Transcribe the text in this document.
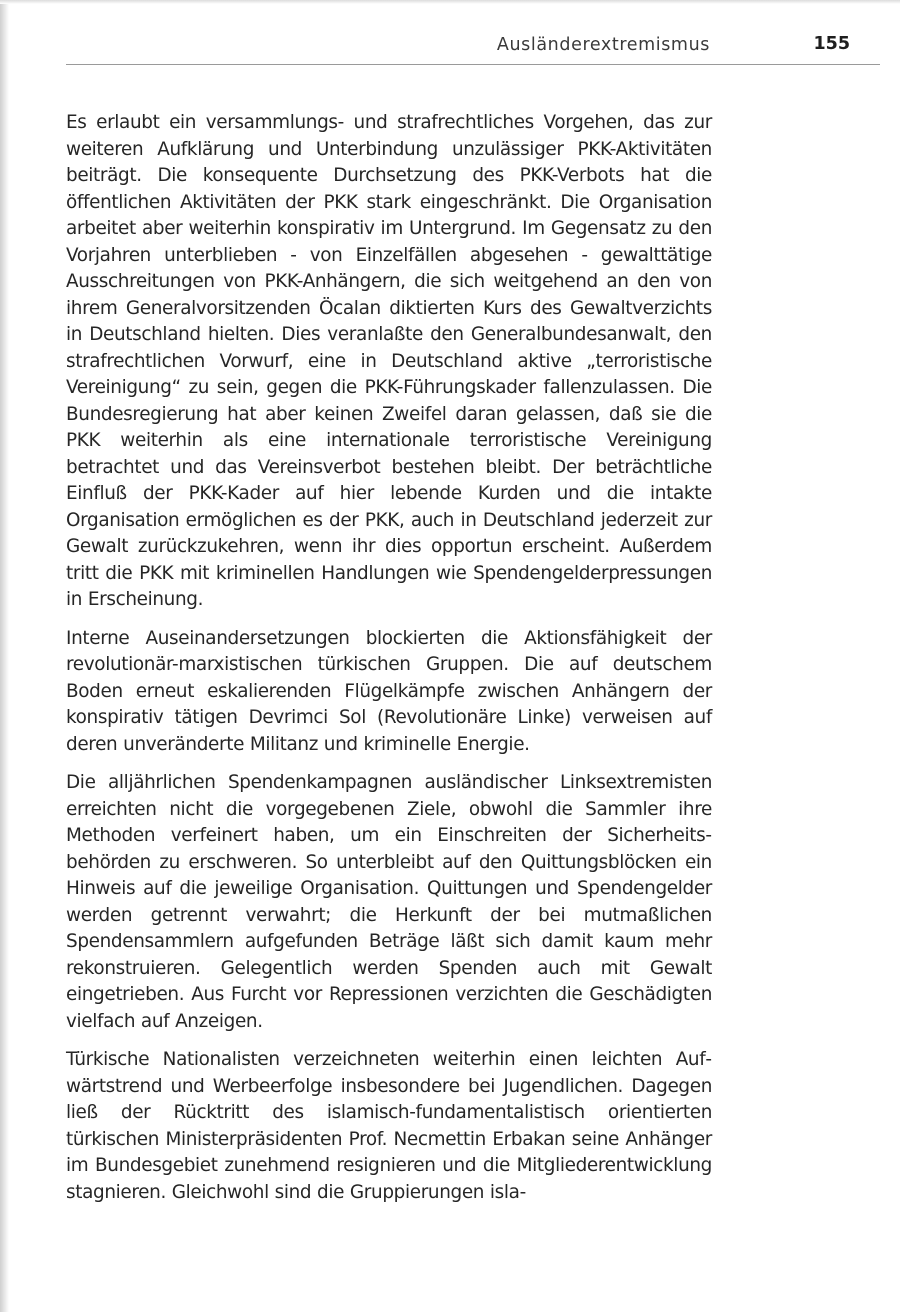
Ausländerextremismus	155

Es erlaubt ein versammlungs- und strafrechtliches Vorgehen, das zur weiteren Aufklärung und Unterbindung unzulässiger PKK-Aktivitäten beiträgt. Die konsequente Durchsetzung des PKK-Verbots hat die öffentlichen Aktivitäten der PKK stark eingeschränkt. Die Organisation arbeitet aber weiterhin konspirativ im Untergrund. Im Gegensatz zu den Vorjahren unterblieben - von Einzelfällen abgesehen - gewalttätige Ausschreitungen von PKK-Anhängern, die sich weitgehend an den von ihrem Generalvorsitzenden Öcalan diktierten Kurs des Gewaltverzichts in Deutschland hielten. Dies veranlaßte den Generalbundesanwalt, den strafrechtlichen Vorwurf, eine in Deutschland aktive „terroristische Vereinigung“ zu sein, gegen die PKK-Führungskader fallenzulassen. Die Bundesregierung hat aber keinen Zweifel daran gelassen, daß sie die PKK weiterhin als eine internationale terroristische Vereinigung betrachtet und das Vereinsverbot bestehen bleibt. Der beträchtliche Einfluß der PKK-Kader auf hier lebende Kurden und die intakte Organisation ermöglichen es der PKK, auch in Deutschland jederzeit zur Gewalt zurückzukehren, wenn ihr dies opportun erscheint. Außerdem tritt die PKK mit kriminellen Handlungen wie Spendengelderpressungen in Erscheinung.

Interne Auseinandersetzungen blockierten die Aktionsfähigkeit der revolutionär-marxistischen türkischen Gruppen. Die auf deutschem Boden erneut eskalierenden Flügelkämpfe zwischen Anhängern der konspirativ tätigen Devrimci Sol (Revolutionäre Linke) verweisen auf deren unveränderte Militanz und kriminelle Energie.

Die alljährlichen Spendenkampagnen ausländischer Linksextremisten erreichten nicht die vorgegebenen Ziele, obwohl die Sammler ihre Methoden verfeinert haben, um ein Einschreiten der Sicherheitsbehörden zu erschweren. So unterbleibt auf den Quittungsblöcken ein Hinweis auf die jeweilige Organisation. Quittungen und Spendengelder werden getrennt verwahrt; die Herkunft der bei mutmaßlichen Spendensammlern aufgefunden Beträge läßt sich damit kaum mehr rekonstruieren. Gelegentlich werden Spenden auch mit Gewalt eingetrieben. Aus Furcht vor Repressionen verzichten die Geschädigten vielfach auf Anzeigen.

Türkische Nationalisten verzeichneten weiterhin einen leichten Aufwärtstrend und Werbeerfolge insbesondere bei Jugendlichen. Dagegen ließ der Rücktritt des islamisch-fundamentalistisch orientierten türkischen Ministerpräsidenten Prof. Necmettin Erbakan seine Anhänger im Bundesgebiet zunehmend resignieren und die Mitgliederentwicklung stagnieren. Gleichwohl sind die Gruppierungen isla-
